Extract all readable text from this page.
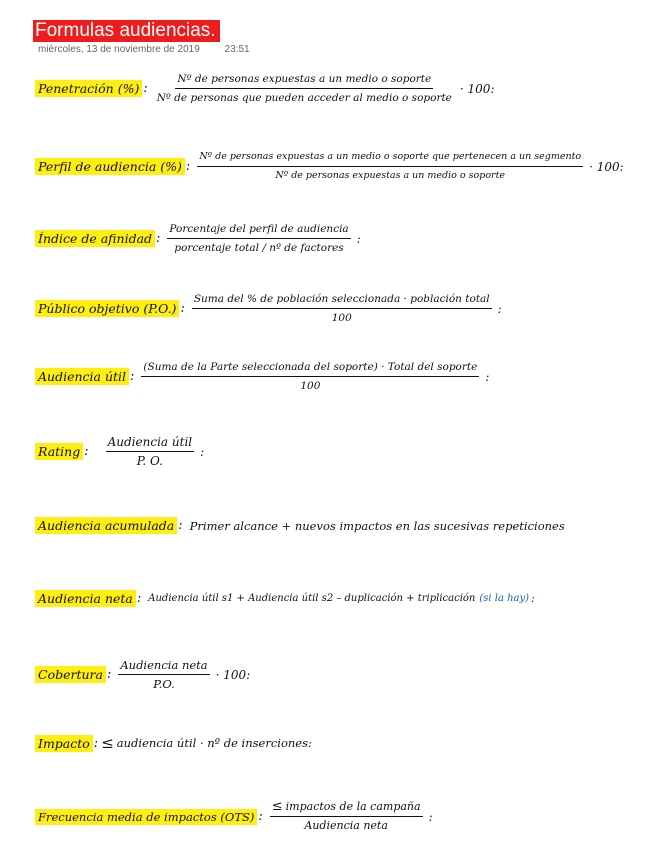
Formulas audiencias.
miércoles, 13 de noviembre de 2019 23:51
Penetración (%) : $\frac{\text{Nº de personas expuestas a un medio o soporte}}{\text{Nº de personas que pueden acceder al medio o soporte}} \cdot 100$:
Perfil de audiencia (%) :
Nº de personas expuestas a un medio o soporte que pertenecen a un segmento
Nº de personas expuestas a un medio o soporte
· 100:
Índice de afinidad : $\frac{\text{Porcentaje del perfil de audiencia}}{\text{porcentaje total / nº de factores}}$ :
Público objetivo (P.O.) : $\frac{\text{Suma del \% de población seleccionada · población total}}{100}$ :
Audiencia útil :
(Suma de la Parte seleccionada del soporte) · Total del soporte
100
:
Rating : $\frac{\text{Audiencia útil}}{P. O.}$ :
Audiencia acumulada : Primer alcance + nuevos impactos en las sucesivas repeticiones
Audiencia neta : Audiencia útil s1 + Audiencia útil s2 – duplicación + triplicación (si la hay) :
Cobertura : $\frac{\text{Audiencia neta}}{P.O.} \cdot 100$:
Impacto : ≤ audiencia útil · nº de inserciones:
Frecuencia media de impactos (OTS) : $\frac{\text{≤ impactos de la campaña}}{\text{Audiencia neta}}$ :
